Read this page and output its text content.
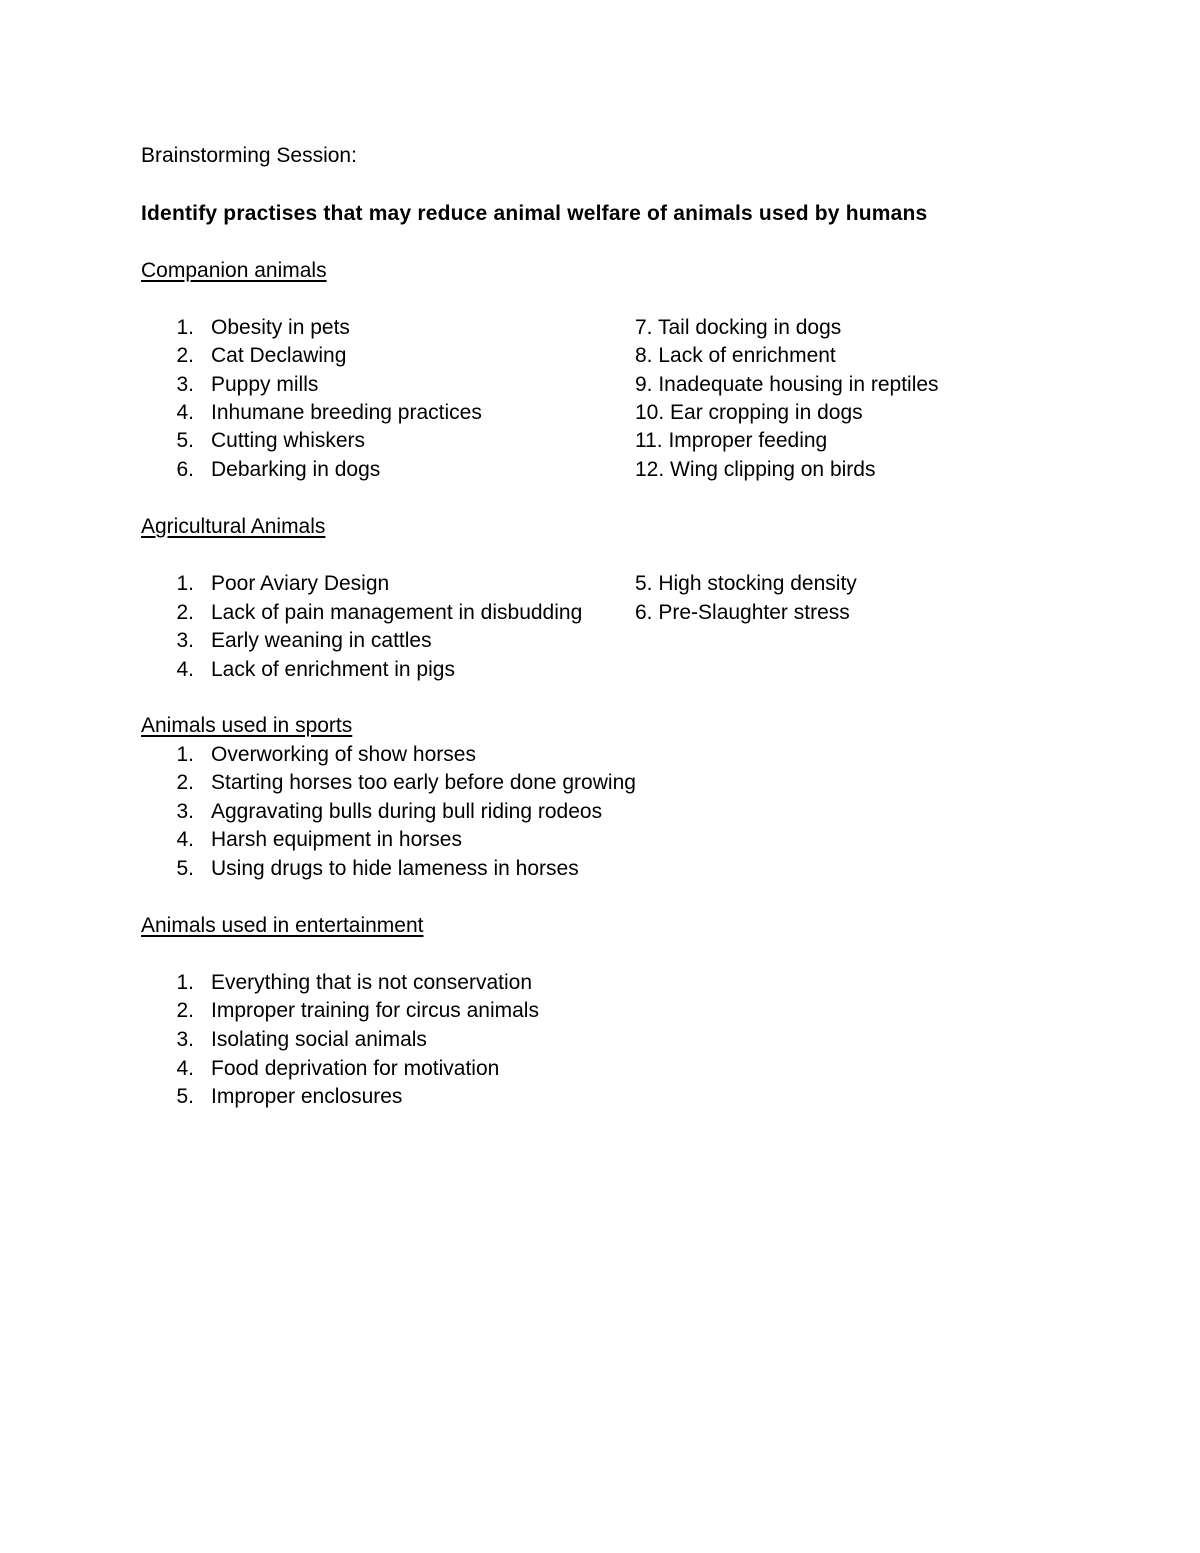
Brainstorming Session:
Identify practises that may reduce animal welfare of animals used by humans
Companion animals
1. Obesity in pets
2. Cat Declawing
3. Puppy mills
4. Inhumane breeding practices
5. Cutting whiskers
6. Debarking in dogs
7. Tail docking in dogs
8. Lack of enrichment
9. Inadequate housing in reptiles
10. Ear cropping in dogs
11. Improper feeding
12. Wing clipping on birds
Agricultural Animals
1. Poor Aviary Design
2. Lack of pain management in disbudding
3. Early weaning in cattles
4. Lack of enrichment in pigs
5. High stocking density
6. Pre-Slaughter stress
Animals used in sports
1. Overworking of show horses
2. Starting horses too early before done growing
3. Aggravating bulls during bull riding rodeos
4. Harsh equipment in horses
5. Using drugs to hide lameness in horses
Animals used in entertainment
1. Everything that is not conservation
2. Improper training for circus animals
3. Isolating social animals
4. Food deprivation for motivation
5. Improper enclosures
